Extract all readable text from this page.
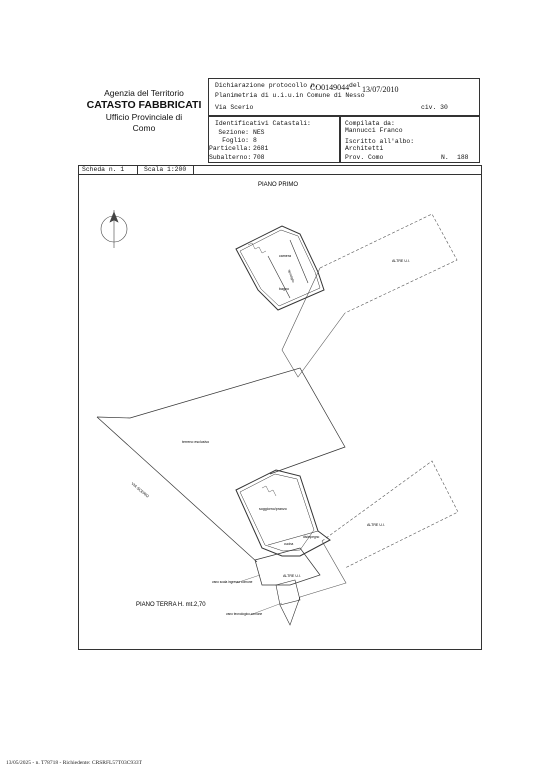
Agenzia del Territorio
CATASTO FABBRICATI
Ufficio Provinciale di
Como
Dichiarazione protocollo n.
CO0149044 del 13/07/2010
Planimetria di u.i.u.in Comune di Nesso
Via Scerio	civ. 30
Identificativi Catastali:
Sezione: NES
Foglio: 8
Particella: 2681
Subalterno: 708
Compilata da:
Mannucci Franco
Iscritto all'albo:
Architetti
Prov. Como	N. 188
Scheda n. 1	Scala 1:200
PIANO PRIMO
camera
bagno
ripostiglio
ALTRE U.I.
terreno esclusivo
ALTRE U.I.
ALTRE U.I.
soggiorno/pranzo
cucina
disimpegno
VIA SCERIO
vano scala ingresso comune
vano tecnologico comune
PIANO TERRA H. mt.2,70
13/05/2025 - n. T78718 - Richiedente: CRSRFL57T03C933T
